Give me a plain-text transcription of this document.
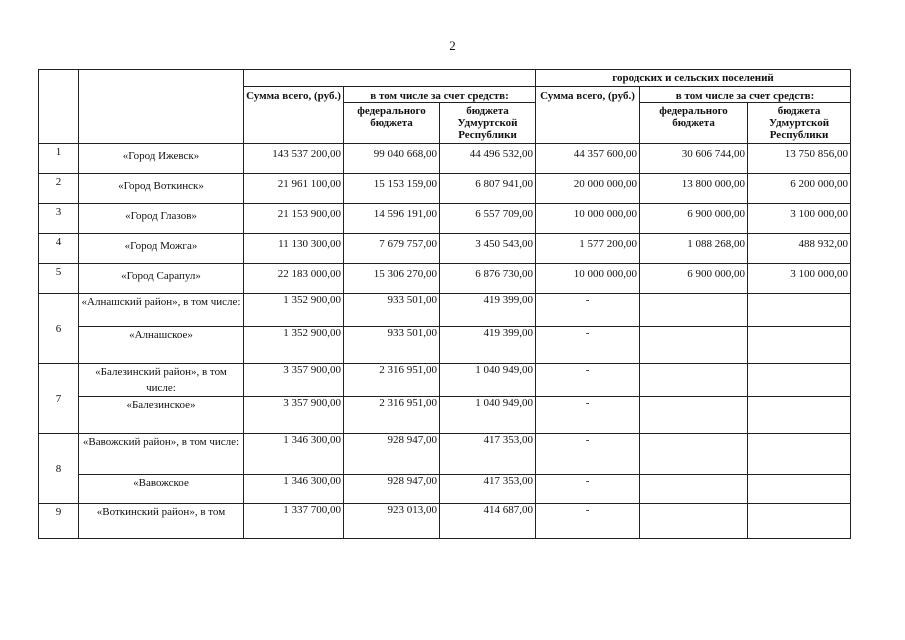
2
					городских и сельских поселений		
		Сумма всего, (руб.)	в том числе за счет средств:		Сумма всего, (руб.)	в том числе за счет средств:	
			федерального бюджета	бюджета Удмуртской Республики		федерального бюджета	бюджета Удмуртской Республики

1	«Город Ижевск»	143 537 200,00	99 040 668,00	44 496 532,00	44 357 600,00	30 606 744,00	13 750 856,00
2	«Город Воткинск»	21 961 100,00	15 153 159,00	6 807 941,00	20 000 000,00	13 800 000,00	6 200 000,00
3	«Город Глазов»	21 153 900,00	14 596 191,00	6 557 709,00	10 000 000,00	6 900 000,00	3 100 000,00
4	«Город Можга»	11 130 300,00	7 679 757,00	3 450 543,00	1 577 200,00	1 088 268,00	488 932,00
5	«Город Сарапул»	22 183 000,00	15 306 270,00	6 876 730,00	10 000 000,00	6 900 000,00	3 100 000,00
6	«Алнашский район», в том числе:	1 352 900,00	933 501,00	419 399,00	-		
	«Алнашское»	1 352 900,00	933 501,00	419 399,00	-		
7	«Балезинский район», в том числе:	3 357 900,00	2 316 951,00	1 040 949,00	-		
	«Балезинское»	3 357 900,00	2 316 951,00	1 040 949,00	-		
8	«Вавожский район», в том числе:	1 346 300,00	928 947,00	417 353,00	-		
	«Вавожское	1 346 300,00	928 947,00	417 353,00	-		
9	«Воткинский район», в том	1 337 700,00	923 013,00	414 687,00	-		
